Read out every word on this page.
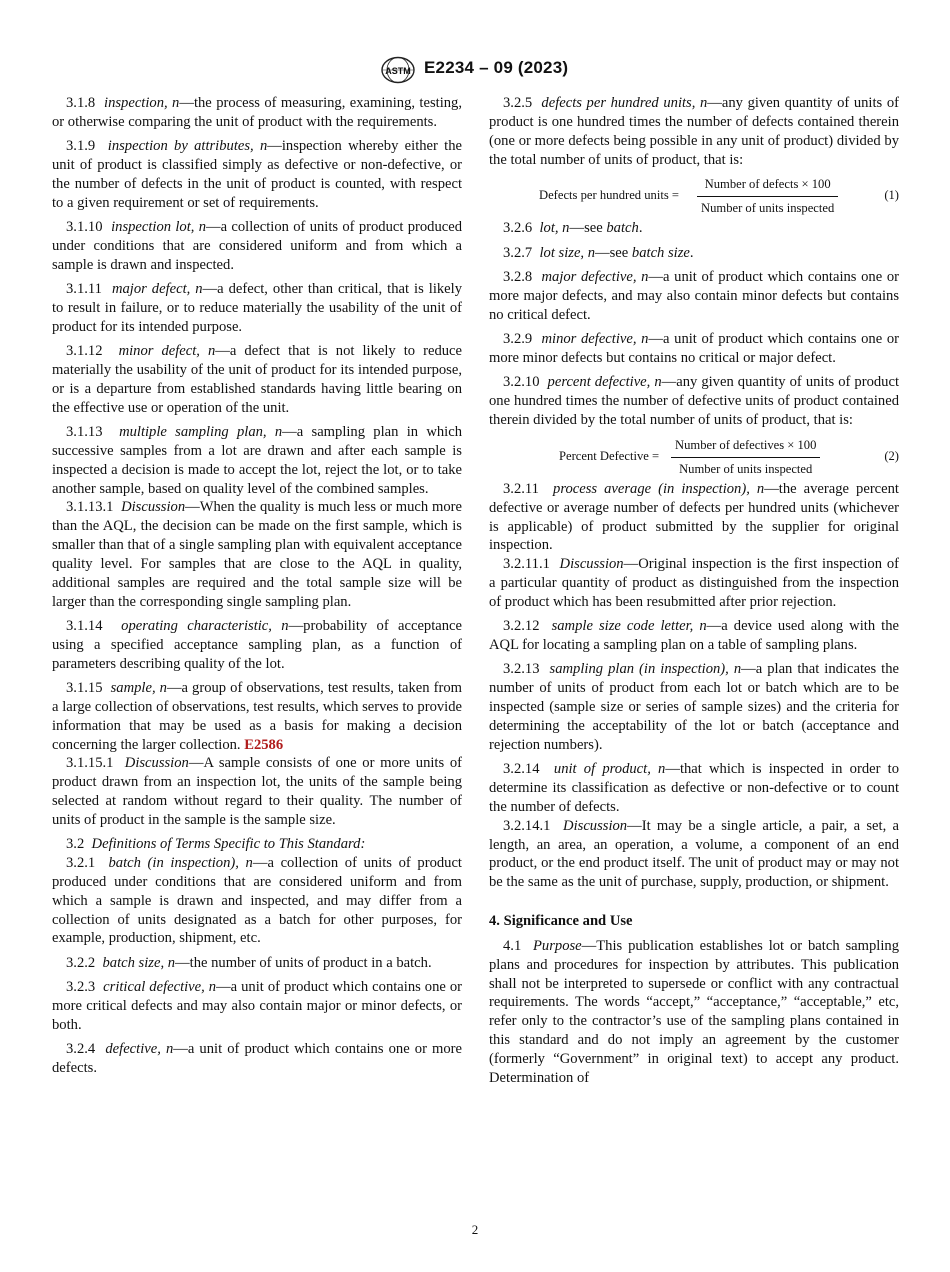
ASTM E2234 – 09 (2023)

3.1.8 inspection, n—the process of measuring, examining, testing, or otherwise comparing the unit of product with the requirements.

3.1.9 inspection by attributes, n—inspection whereby either the unit of product is classified simply as defective or non-defective, or the number of defects in the unit of product is counted, with respect to a given requirement or set of requirements.

3.1.10 inspection lot, n—a collection of units of product produced under conditions that are considered uniform and from which a sample is drawn and inspected.

3.1.11 major defect, n—a defect, other than critical, that is likely to result in failure, or to reduce materially the usability of the unit of product for its intended purpose.

3.1.12 minor defect, n—a defect that is not likely to reduce materially the usability of the unit of product for its intended purpose, or is a departure from established standards having little bearing on the effective use or operation of the unit.

3.1.13 multiple sampling plan, n—a sampling plan in which successive samples from a lot are drawn and after each sample is inspected a decision is made to accept the lot, reject the lot, or to take another sample, based on quality level of the combined samples.

3.1.13.1 Discussion—When the quality is much less or much more than the AQL, the decision can be made on the first sample, which is smaller than that of a single sampling plan with equivalent acceptance quality level. For samples that are close to the AQL in quality, additional samples are required and the total sample size will be larger than the corresponding single sampling plan.

3.1.14 operating characteristic, n—probability of acceptance using a specified acceptance sampling plan, as a function of parameters describing quality of the lot.

3.1.15 sample, n—a group of observations, test results, taken from a large collection of observations, test results, which serves to provide information that may be used as a basis for making a decision concerning the larger collection. E2586

3.1.15.1 Discussion—A sample consists of one or more units of product drawn from an inspection lot, the units of the sample being selected at random without regard to their quality. The number of units of product in the sample is the sample size.

3.2 Definitions of Terms Specific to This Standard:

3.2.1 batch (in inspection), n—a collection of units of product produced under conditions that are considered uniform and from which a sample is drawn and inspected, and may differ from a collection of units designated as a batch for other purposes, for example, production, shipment, etc.

3.2.2 batch size, n—the number of units of product in a batch.

3.2.3 critical defective, n—a unit of product which contains one or more critical defects and may also contain major or minor defects, or both.

3.2.4 defective, n—a unit of product which contains one or more defects.

3.2.5 defects per hundred units, n—any given quantity of units of product is one hundred times the number of defects contained therein (one or more defects being possible in any unit of product) divided by the total number of units of product, that is:

Defects per hundred units =
Number of defects × 100
Number of units inspected
(1)

3.2.6 lot, n—see batch.

3.2.7 lot size, n—see batch size.

3.2.8 major defective, n—a unit of product which contains one or more major defects, and may also contain minor defects but contains no critical defect.

3.2.9 minor defective, n—a unit of product which contains one or more minor defects but contains no critical or major defect.

3.2.10 percent defective, n—any given quantity of units of product one hundred times the number of defective units of product contained therein divided by the total number of units of product, that is:

Percent Defective =
Number of defectives × 100
Number of units inspected
(2)

3.2.11 process average (in inspection), n—the average percent defective or average number of defects per hundred units (whichever is applicable) of product submitted by the supplier for original inspection.

3.2.11.1 Discussion—Original inspection is the first inspection of a particular quantity of product as distinguished from the inspection of product which has been resubmitted after prior rejection.

3.2.12 sample size code letter, n—a device used along with the AQL for locating a sampling plan on a table of sampling plans.

3.2.13 sampling plan (in inspection), n—a plan that indicates the number of units of product from each lot or batch which are to be inspected (sample size or series of sample sizes) and the criteria for determining the acceptability of the lot or batch (acceptance and rejection numbers).

3.2.14 unit of product, n—that which is inspected in order to determine its classification as defective or non-defective or to count the number of defects.

3.2.14.1 Discussion—It may be a single article, a pair, a set, a length, an area, an operation, a volume, a component of an end product, or the end product itself. The unit of product may or may not be the same as the unit of purchase, supply, production, or shipment.

4. Significance and Use

4.1 Purpose—This publication establishes lot or batch sampling plans and procedures for inspection by attributes. This publication shall not be interpreted to supersede or conflict with any contractual requirements. The words “accept,” “acceptance,” “acceptable,” etc, refer only to the contractor’s use of the sampling plans contained in this standard and do not imply an agreement by the customer (formerly “Government” in original text) to accept any product. Determination of

2
